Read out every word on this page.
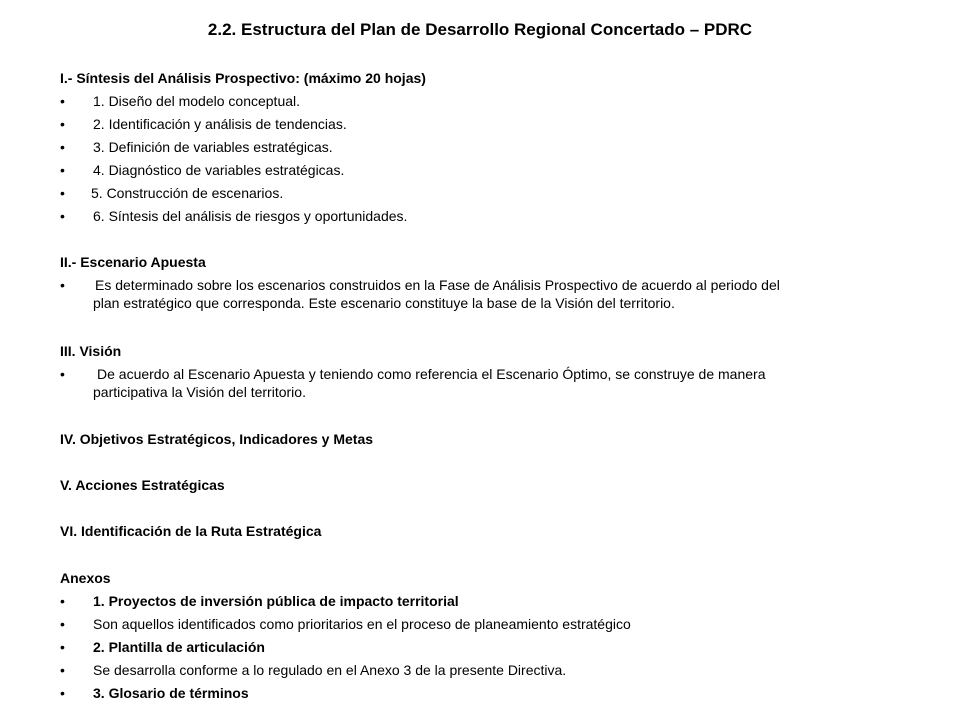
2.2. Estructura del Plan de Desarrollo Regional Concertado – PDRC
I.- Síntesis del Análisis Prospectivo: (máximo 20 hojas)
•	1. Diseño del modelo conceptual.
•	2. Identificación y análisis de tendencias.
•	3. Definición de variables estratégicas.
•	4. Diagnóstico de variables estratégicas.
•	5. Construcción de escenarios.
•	6. Síntesis del análisis de riesgos y oportunidades.
II.- Escenario Apuesta
•	Es determinado sobre los escenarios construidos en la Fase de Análisis Prospectivo de acuerdo al periodo del
plan estratégico que corresponda. Este escenario constituye la base de la Visión del territorio.
III. Visión
•	De acuerdo al Escenario Apuesta y teniendo como referencia el Escenario Óptimo, se construye de manera
participativa la Visión del territorio.
IV. Objetivos Estratégicos, Indicadores y Metas
V. Acciones Estratégicas
VI. Identificación de la Ruta Estratégica
Anexos
•	1. Proyectos de inversión pública de impacto territorial
•	Son aquellos identificados como prioritarios en el proceso de planeamiento estratégico
•	2. Plantilla de articulación
•	Se desarrolla conforme a lo regulado en el Anexo 3 de la presente Directiva.
•	3. Glosario de términos
